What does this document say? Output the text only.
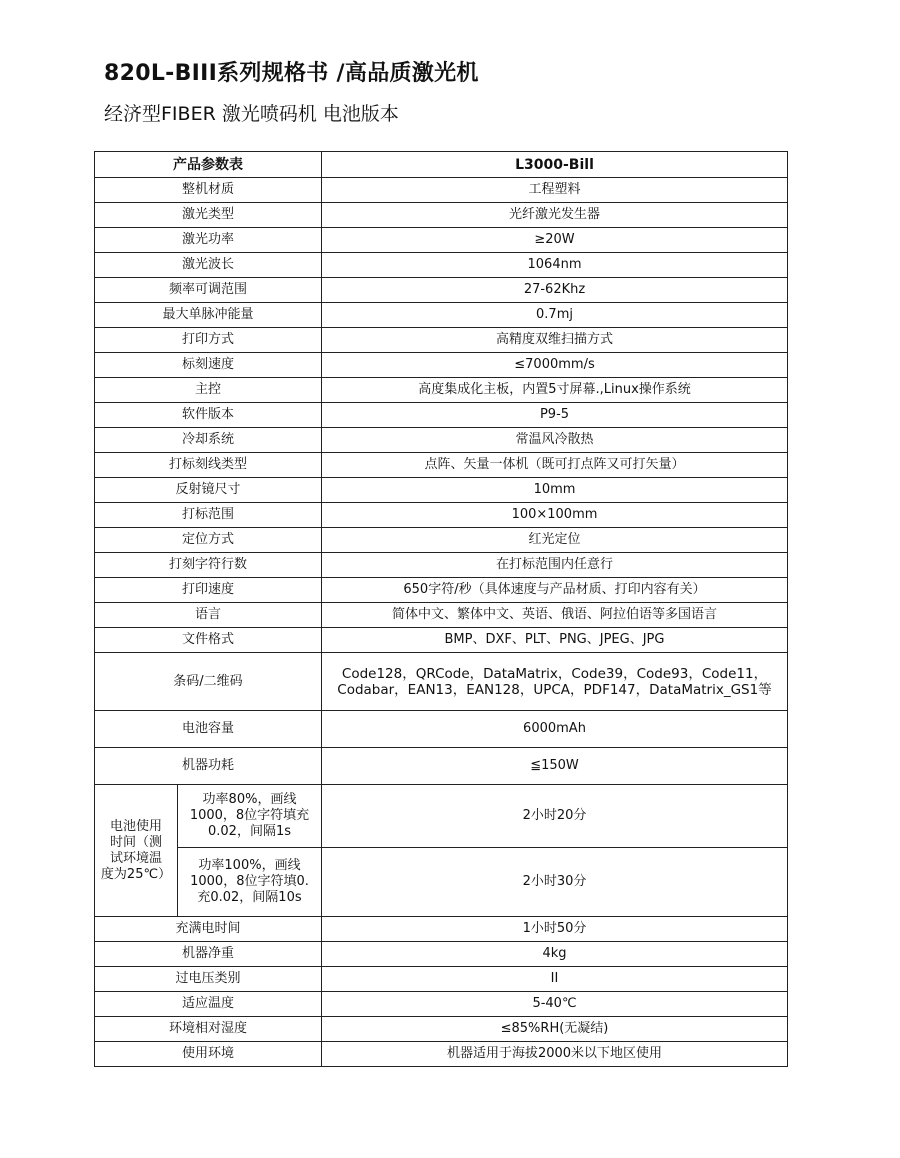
820L-BIII系列规格书 /高品质激光机
经济型FIBER 激光喷码机 电池版本
产品参数表		L3000-Bill
整机材质		工程塑料
激光类型		光纤激光发生器
激光功率		≥20W
激光波长		1064nm
频率可调范围		27-62Khz
最大单脉冲能量		0.7mj
打印方式		高精度双维扫描方式
标刻速度		≤7000mm/s
主控		高度集成化主板，内置5寸屏幕.,Linux操作系统
软件版本		P9-5
冷却系统		常温风冷散热
打标刻线类型		点阵、矢量一体机（既可打点阵又可打矢量）
反射镜尺寸		10mm
打标范围		100×100mm
定位方式		红光定位
打刻字符行数		在打标范围内任意行
打印速度		650字符/秒（具体速度与产品材质、打印内容有关）
语言		简体中文、繁体中文、英语、俄语、阿拉伯语等多国语言
文件格式		BMP、DXF、PLT、PNG、JPEG、JPG
条码/二维码		Code128，QRCode，DataMatrix，Code39，Code93，Code11，
Codabar，EAN13，EAN128，UPCA，PDF147，DataMatrix_GS1等

电池容量		6000mAh
机器功耗		≦150W

电池使用
时间（测
试环境温
度为25℃）	功率80%，画线
1000，8位字符填充
0.02，间隔1s	2小时20分

	功率100%，画线
1000，8位字符填0.
充0.02，间隔10s	2小时30分
充满电时间		1小时50分
机器净重		4kg
过电压类别		II
适应温度		5-40℃
环境相对湿度		≤85%RH(无凝结)
使用环境		机器适用于海拔2000米以下地区使用
